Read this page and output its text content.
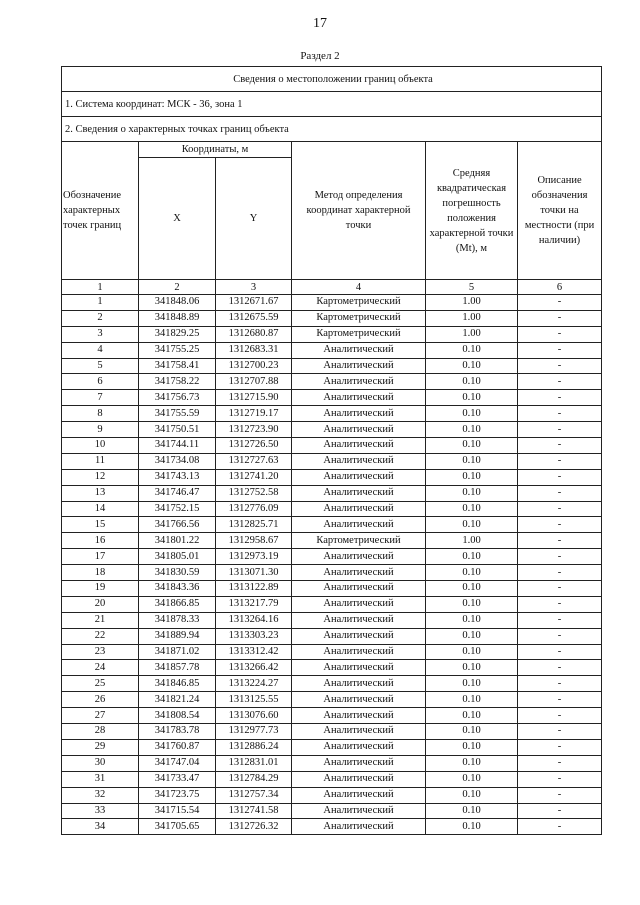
17
Раздел 2
Сведения о местоположении границ объекта					
1. Система координат: МСК - 36, зона 1					
2. Сведения о характерных точках границ объекта					
Обозначение характерных точек границ	Координаты, м		Метод определения координат характерной точки	Средняя квадратическая погрешность положения характерной точки (Mt), м	Описание обозначения точки на местности (при наличии)
	X	Y			
1	2	3	4	5	6
1	341848.06	1312671.67	Картометрический	1.00	-
2	341848.89	1312675.59	Картометрический	1.00	-
3	341829.25	1312680.87	Картометрический	1.00	-
4	341755.25	1312683.31	Аналитический	0.10	-
5	341758.41	1312700.23	Аналитический	0.10	-
6	341758.22	1312707.88	Аналитический	0.10	-
7	341756.73	1312715.90	Аналитический	0.10	-
8	341755.59	1312719.17	Аналитический	0.10	-
9	341750.51	1312723.90	Аналитический	0.10	-
10	341744.11	1312726.50	Аналитический	0.10	-
11	341734.08	1312727.63	Аналитический	0.10	-
12	341743.13	1312741.20	Аналитический	0.10	-
13	341746.47	1312752.58	Аналитический	0.10	-
14	341752.15	1312776.09	Аналитический	0.10	-
15	341766.56	1312825.71	Аналитический	0.10	-
16	341801.22	1312958.67	Картометрический	1.00	-
17	341805.01	1312973.19	Аналитический	0.10	-
18	341830.59	1313071.30	Аналитический	0.10	-
19	341843.36	1313122.89	Аналитический	0.10	-
20	341866.85	1313217.79	Аналитический	0.10	-
21	341878.33	1313264.16	Аналитический	0.10	-
22	341889.94	1313303.23	Аналитический	0.10	-
23	341871.02	1313312.42	Аналитический	0.10	-
24	341857.78	1313266.42	Аналитический	0.10	-
25	341846.85	1313224.27	Аналитический	0.10	-
26	341821.24	1313125.55	Аналитический	0.10	-
27	341808.54	1313076.60	Аналитический	0.10	-
28	341783.78	1312977.73	Аналитический	0.10	-
29	341760.87	1312886.24	Аналитический	0.10	-
30	341747.04	1312831.01	Аналитический	0.10	-
31	341733.47	1312784.29	Аналитический	0.10	-
32	341723.75	1312757.34	Аналитический	0.10	-
33	341715.54	1312741.58	Аналитический	0.10	-
34	341705.65	1312726.32	Аналитический	0.10	-
